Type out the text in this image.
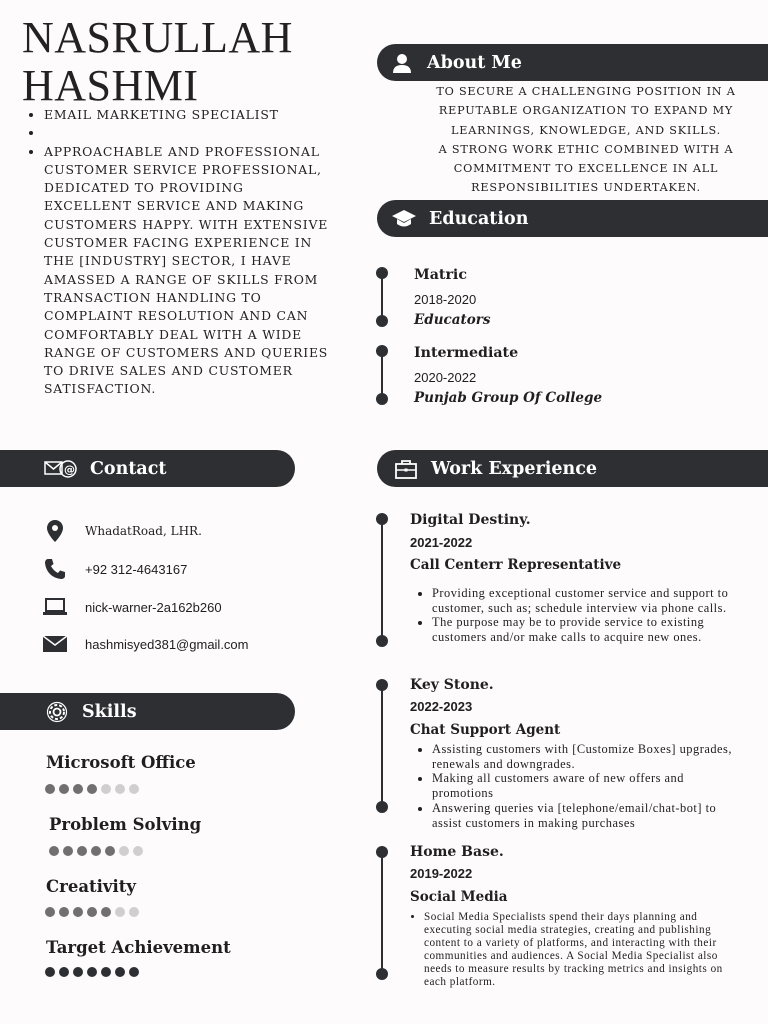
NASRULLAH
HASHMI
• EMAIL MARKETING SPECIALIST
•
• APPROACHABLE AND PROFESSIONAL CUSTOMER SERVICE PROFESSIONAL, DEDICATED TO PROVIDING EXCELLENT SERVICE AND MAKING CUSTOMERS HAPPY. WITH EXTENSIVE CUSTOMER FACING EXPERIENCE IN THE [INDUSTRY] SECTOR, I HAVE AMASSED A RANGE OF SKILLS FROM TRANSACTION HANDLING TO COMPLAINT RESOLUTION AND CAN COMFORTABLY DEAL WITH A WIDE RANGE OF CUSTOMERS AND QUERIES TO DRIVE SALES AND CUSTOMER SATISFACTION.
About Me
TO SECURE A CHALLENGING POSITION IN A REPUTABLE ORGANIZATION TO EXPAND MY LEARNINGS, KNOWLEDGE, AND SKILLS.
A STRONG WORK ETHIC COMBINED WITH A COMMITMENT TO EXCELLENCE IN ALL RESPONSIBILITIES UNDERTAKEN.
Education
Matric
2018-2020
Educators
Intermediate
2020-2022
Punjab Group Of College
@ Contact
WhadatRoad, LHR.
+92 312-4643167
nick-warner-2a162b260
hashmisyed381@gmail.com
Skills
Microsoft Office
Problem Solving
Creativity
Target Achievement
Work Experience
Digital Destiny.
2021-2022
Call Centerr Representative
• Providing exceptional customer service and support to customer, such as; schedule interview via phone calls.
• The purpose may be to provide service to existing customers and/or make calls to acquire new ones.
Key Stone.
2022-2023
Chat Support Agent
• Assisting customers with [Customize Boxes] upgrades, renewals and downgrades.
• Making all customers aware of new offers and promotions
• Answering queries via [telephone/email/chat-bot] to assist customers in making purchases
Home Base.
2019-2022
Social Media
• Social Media Specialists spend their days planning and executing social media strategies, creating and publishing content to a variety of platforms, and interacting with their communities and audiences. A Social Media Specialist also needs to measure results by tracking metrics and insights on each platform.
